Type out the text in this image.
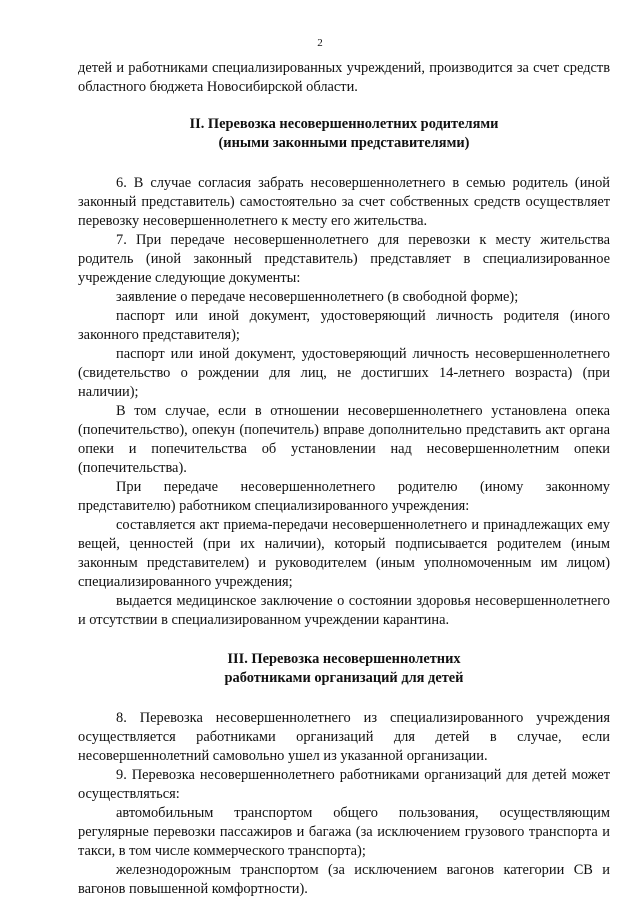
2

детей и работниками специализированных учреждений, производится за счет средств областного бюджета Новосибирской области.

II. Перевозка несовершеннолетних родителями
(иными законными представителями)

6. В случае согласия забрать несовершеннолетнего в семью родитель (иной законный представитель) самостоятельно за счет собственных средств осуществляет перевозку несовершеннолетнего к месту его жительства.

7. При передаче несовершеннолетнего для перевозки к месту жительства родитель (иной законный представитель) представляет в специализированное учреждение следующие документы:

заявление о передаче несовершеннолетнего (в свободной форме);

паспорт или иной документ, удостоверяющий личность родителя (иного законного представителя);

паспорт или иной документ, удостоверяющий личность несовершеннолетнего (свидетельство о рождении для лиц, не достигших 14-летнего возраста) (при наличии);

В том случае, если в отношении несовершеннолетнего установлена опека (попечительство), опекун (попечитель) вправе дополнительно представить акт органа опеки и попечительства об установлении над несовершеннолетним опеки (попечительства).

При передаче несовершеннолетнего родителю (иному законному представителю) работником специализированного учреждения:

составляется акт приема-передачи несовершеннолетнего и принадлежащих ему вещей, ценностей (при их наличии), который подписывается родителем (иным законным представителем) и руководителем (иным уполномоченным им лицом) специализированного учреждения;

выдается медицинское заключение о состоянии здоровья несовершеннолетнего и отсутствии в специализированном учреждении карантина.

III. Перевозка несовершеннолетних
работниками организаций для детей

8. Перевозка несовершеннолетнего из специализированного учреждения осуществляется работниками организаций для детей в случае, если несовершеннолетний самовольно ушел из указанной организации.

9. Перевозка несовершеннолетнего работниками организаций для детей может осуществляться:

автомобильным транспортом общего пользования, осуществляющим регулярные перевозки пассажиров и багажа (за исключением грузового транспорта и такси, в том числе коммерческого транспорта);

железнодорожным транспортом (за исключением вагонов категории СВ и вагонов повышенной комфортности).
